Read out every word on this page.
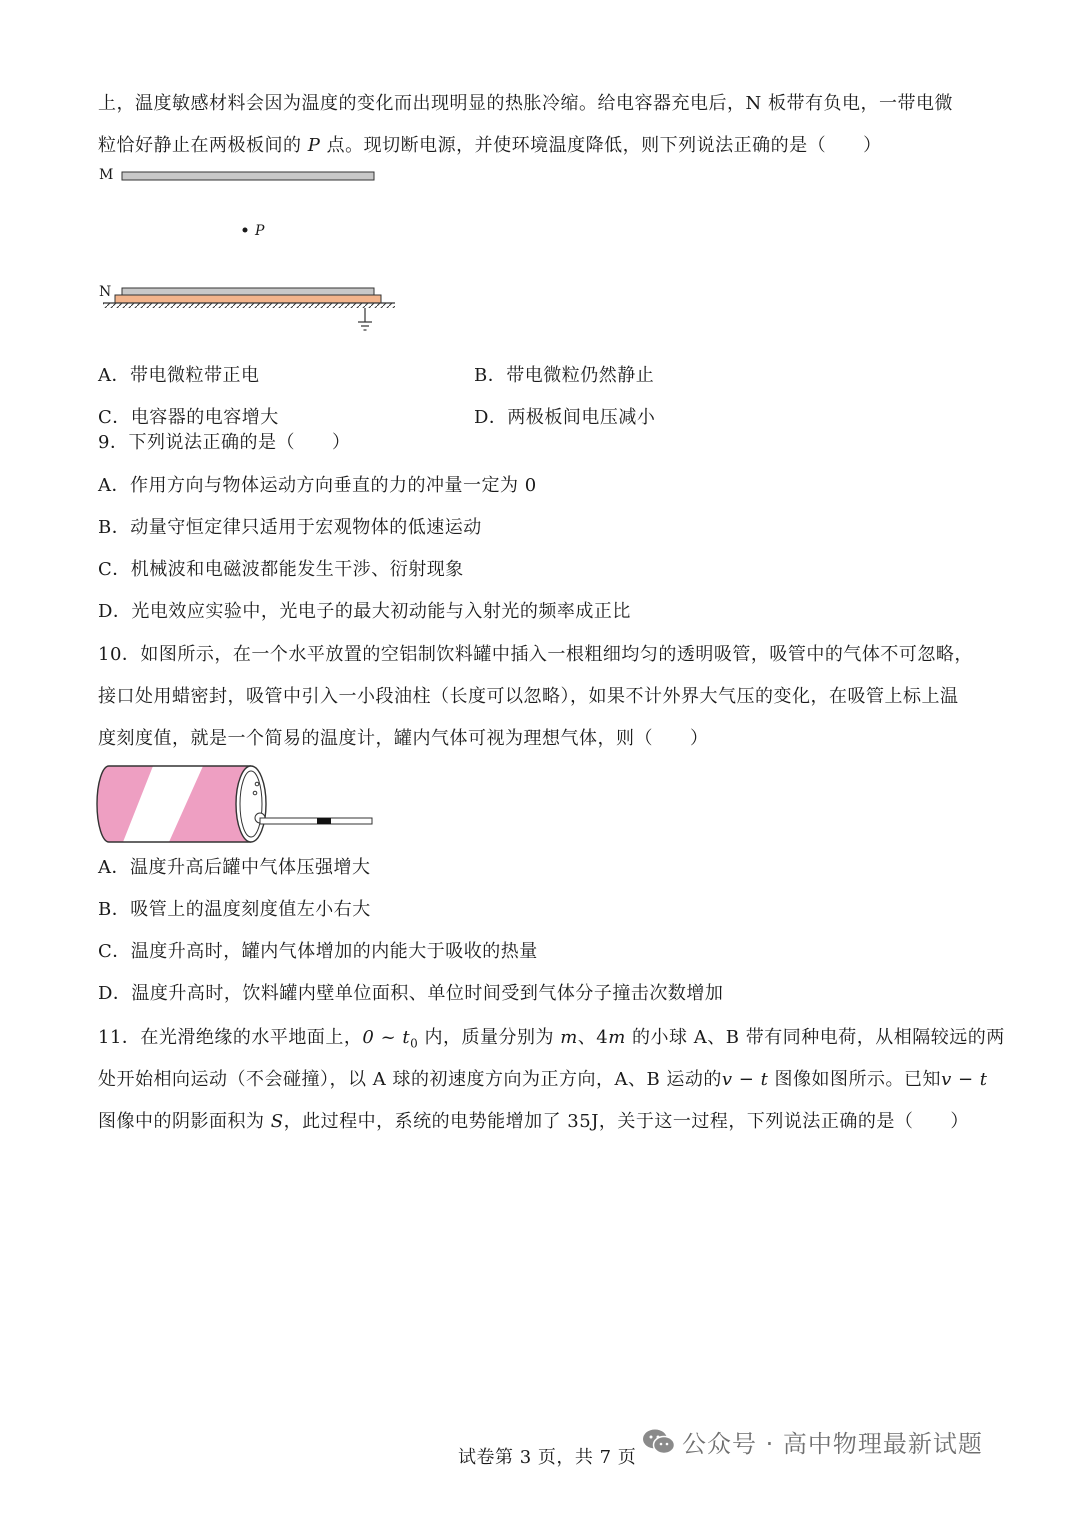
上，温度敏感材料会因为温度的变化而出现明显的热胀冷缩。给电容器充电后，N 板带有负电，一带电微

粒恰好静止在两极板间的 P 点。现切断电源，并使环境温度降低，则下列说法正确的是（　　）

M
P
N

A．带电微粒带正电	B．带电微粒仍然静止

C．电容器的电容增大	D．两极板间电压减小

9．下列说法正确的是（　　）

A．作用方向与物体运动方向垂直的力的冲量一定为 0

B．动量守恒定律只适用于宏观物体的低速运动

C．机械波和电磁波都能发生干涉、衍射现象

D．光电效应实验中，光电子的最大初动能与入射光的频率成正比

10．如图所示，在一个水平放置的空铝制饮料罐中插入一根粗细均匀的透明吸管，吸管中的气体不可忽略，

接口处用蜡密封，吸管中引入一小段油柱（长度可以忽略），如果不计外界大气压的变化，在吸管上标上温

度刻度值，就是一个简易的温度计，罐内气体可视为理想气体，则（　　）

A．温度升高后罐中气体压强增大

B．吸管上的温度刻度值左小右大

C．温度升高时，罐内气体增加的内能大于吸收的热量

D．温度升高时，饮料罐内壁单位面积、单位时间受到气体分子撞击次数增加

11．在光滑绝缘的水平地面上，0 ~ $t_0$ 内，质量分别为 m、4m 的小球 A、B 带有同种电荷，从相隔较远的两

处开始相向运动（不会碰撞），以 A 球的初速度方向为正方向，A、B 运动的v − t 图像如图所示。已知v − t

图像中的阴影面积为 S，此过程中，系统的电势能增加了 35J，关于这一过程，下列说法正确的是（　　）

试卷第 3 页，共 7 页 公众号 · 高中物理最新试题
